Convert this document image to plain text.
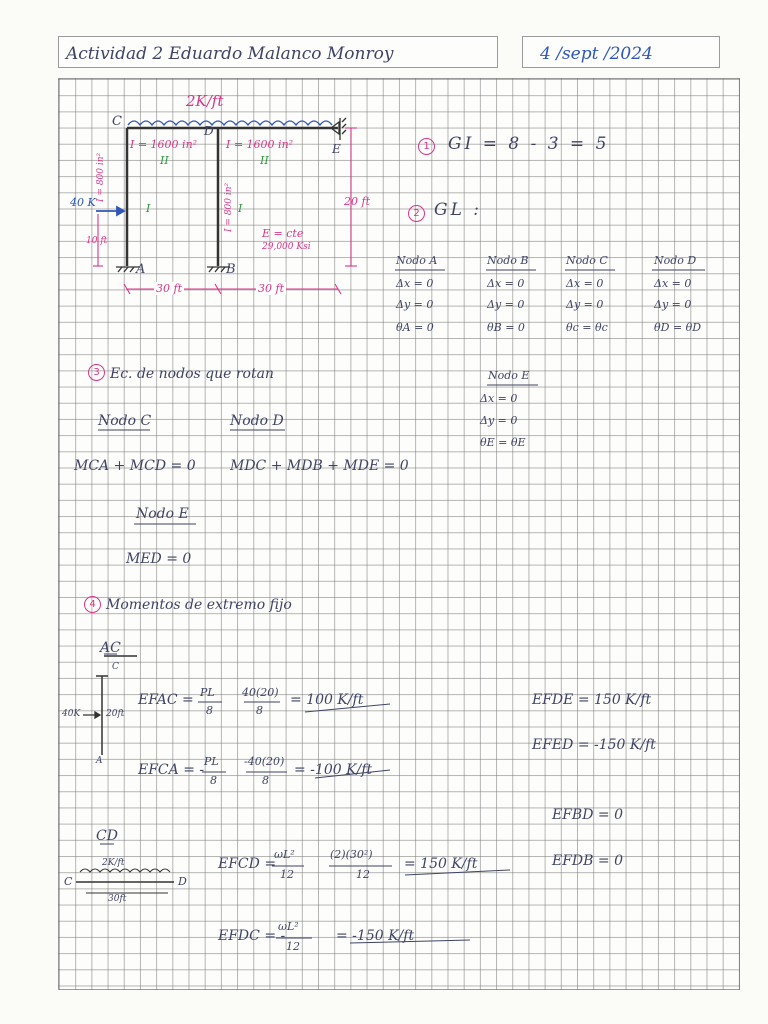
Actividad 2 Eduardo Malanco Monroy	4 /sept /2024
2K/ft
C
D
E
A	B
I = 1600 in²	I = 1600 in²
II	II
I = 800 in²
I = 800 in²
I	I
40 K
10 ft
20 ft
E = cte
29,000 Ksi
30 ft	30 ft
1	GI = 8 - 3 = 5
2 GL :
Nodo A
Δx = 0
Δy = 0
θA = 0
Nodo B
Δx = 0
Δy = 0
θB = 0
Nodo C
Δx = 0
Δy = 0
θc = θc
Nodo D
Δx = 0
Δy = 0
θD = θD
Nodo E
Δx = 0
Δy = 0
θE = θE
3 Ec. de nodos que rotan
Nodo C
MCA + MCD = 0
Nodo D
MDC + MDB + MDE = 0
Nodo E
MED = 0
4 Momentos de extremo fijo
AC
C
A
40K	20ft
EFAC = PL
8
40(20)
8
= 100 K/ft
EFCA = -
PL
8
-40(20)
8
= -100 K/ft
EFDE = 150 K/ft
EFED = -150 K/ft
EFBD = 0
EFDB = 0
CD
2K/ft
30ft
C	D
EFCD =
ωL²
12
(2)(30²)
12
= 150 K/ft
EFDC = -
ωL²
12
= -150 K/ft
